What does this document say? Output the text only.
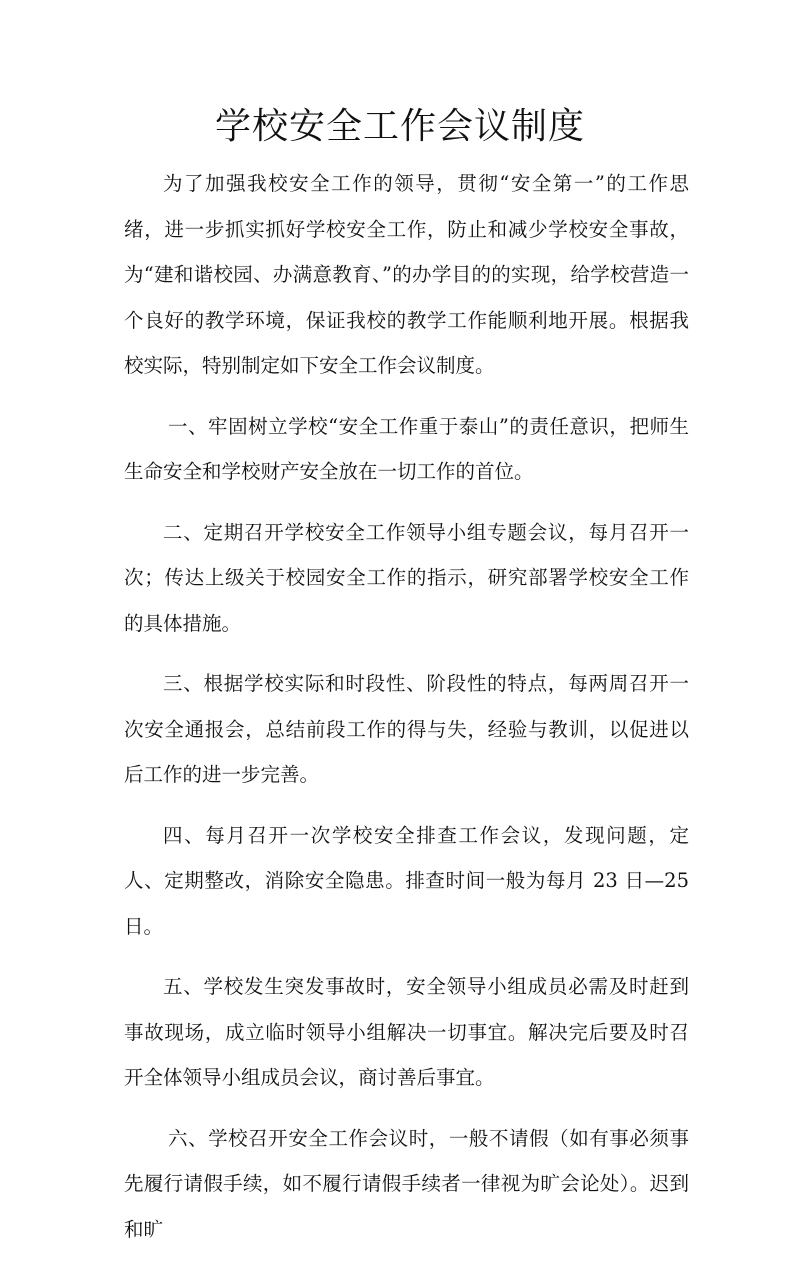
学校安全工作会议制度

为了加强我校安全工作的领导，贯彻“安全第一”的工作思绪，进一步抓实抓好学校安全工作，防止和减少学校安全事故，为“建和谐校园、办满意教育、”的办学目的的实现，给学校营造一个良好的教学环境，保证我校的教学工作能顺利地开展。根据我校实际，特别制定如下安全工作会议制度。

一、牢固树立学校“安全工作重于泰山”的责任意识，把师生生命安全和学校财产安全放在一切工作的首位。

二、定期召开学校安全工作领导小组专题会议，每月召开一次；传达上级关于校园安全工作的指示，研究部署学校安全工作的具体措施。

三、根据学校实际和时段性、阶段性的特点，每两周召开一次安全通报会，总结前段工作的得与失，经验与教训，以促进以后工作的进一步完善。

四、每月召开一次学校安全排查工作会议，发现问题，定人、定期整改，消除安全隐患。排查时间一般为每月 23 日—25 日。

五、学校发生突发事故时，安全领导小组成员必需及时赶到事故现场，成立临时领导小组解决一切事宜。解决完后要及时召开全体领导小组成员会议，商讨善后事宜。

六、学校召开安全工作会议时，一般不请假（如有事必须事先履行请假手续，如不履行请假手续者一律视为旷会论处）。迟到和旷
